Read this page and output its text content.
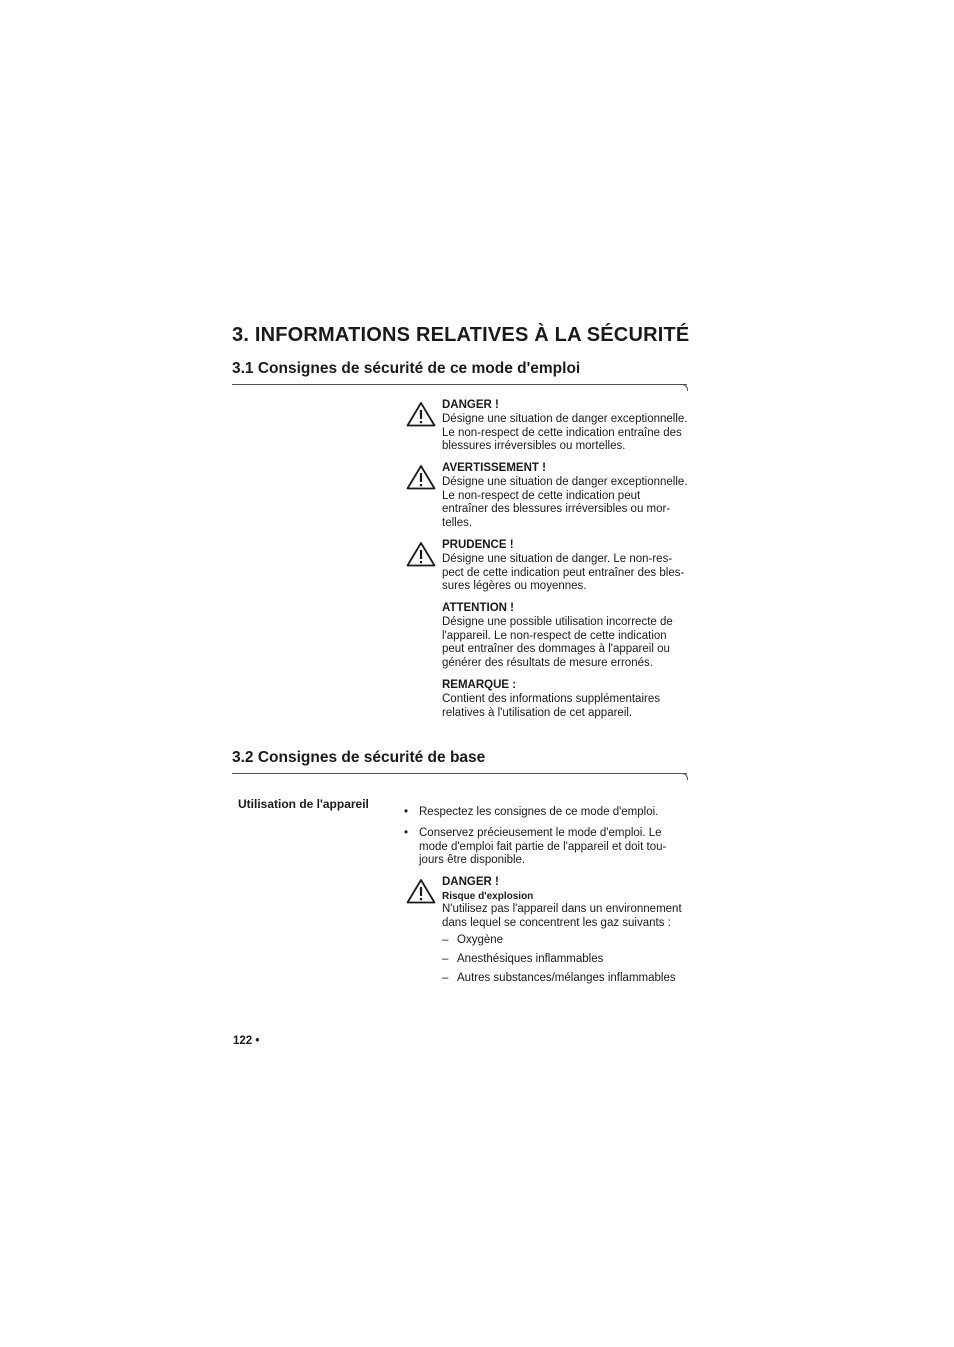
3. INFORMATIONS RELATIVES À LA SÉCURITÉ
3.1 Consignes de sécurité de ce mode d'emploi
DANGER !
Désigne une situation de danger exceptionnelle.
Le non-respect de cette indication entraîne des
blessures irréversibles ou mortelles.
AVERTISSEMENT !
Désigne une situation de danger exceptionnelle.
Le non-respect de cette indication peut
entraîner des blessures irréversibles ou mor-
telles.
PRUDENCE !
Désigne une situation de danger. Le non-res-
pect de cette indication peut entraîner des bles-
sures légères ou moyennes.
ATTENTION !
Désigne une possible utilisation incorrecte de
l'appareil. Le non-respect de cette indication
peut entraîner des dommages à l'appareil ou
générer des résultats de mesure erronés.
REMARQUE :
Contient des informations supplémentaires
relatives à l'utilisation de cet appareil.
3.2 Consignes de sécurité de base
Utilisation de l'appareil
• Respectez les consignes de ce mode d'emploi.
• Conservez précieusement le mode d'emploi. Le
mode d'emploi fait partie de l'appareil et doit tou-
jours être disponible.
DANGER !
Risque d'explosion
N'utilisez pas l'appareil dans un environnement
dans lequel se concentrent les gaz suivants :
– Oxygène
– Anesthésiques inflammables
– Autres substances/mélanges inflammables
122 •
